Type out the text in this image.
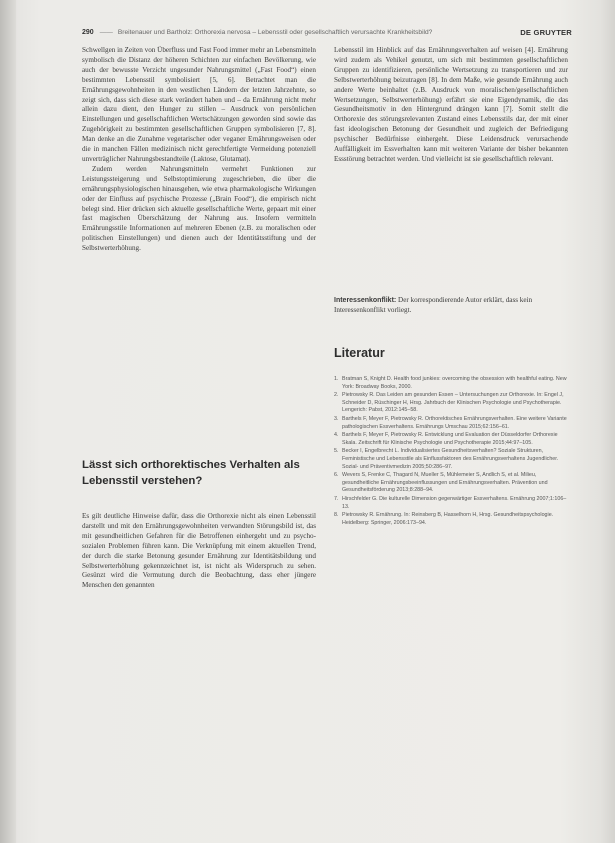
290 —— Breitenauer und Bartholz: Orthorexia nervosa – Lebensstil oder gesellschaftlich verursachte Krankheitsbild?	DE GRUYTER

Schwellgen in Zeiten von Überfluss und Fast Food immer mehr an Lebensmitteln symbolisch die Distanz der höheren Schichten zur einfachen Bevölkerung, wie auch der bewusste Verzicht ungesunder Nahrungsmittel („Fast Food“) einen bestimmten Lebensstil symbolisiert [5, 6]. Betrachtet man die Ernährungsgewohnheiten in den westlichen Ländern der letzten Jahrzehnte, so zeigt sich, dass sich diese stark verändert haben und – da Ernährung nicht mehr allein dazu dient, den Hunger zu stillen – Ausdruck von persönlichen Einstellungen und gesellschaftlichen Wertschätzungen geworden sind sowie das Zugehörigkeit zu bestimmten gesellschaftlichen Gruppen symbolisieren [7, 8]. Man denke an die Zunahme vegetarischer oder veganer Ernährungsweisen oder die in manchen Fällen medizinisch nicht gerechtfertigte Vermeidung potenziell unverträglicher Nahrungsbestandteile (Laktose, Glutamat).

Zudem werden Nahrungsmitteln vermehrt Funktionen zur Leistungssteigerung und Selbstoptimierung zugeschrieben, die über die ernährungsphysiologischen hinausgehen, wie etwa pharmakologische Wirkungen oder der Einfluss auf psychische Prozesse („Brain Food“), die empirisch nicht belegt sind. Hier drücken sich aktuelle gesellschaftliche Werte, gepaart mit einer fast magischen Überschätzung der Nahrung aus. Insofern vermitteln Ernährungsstile Informationen auf mehreren Ebenen (z.B. zu moralischen oder politischen Einstellungen) und dienen auch der Identitätsstiftung und der Selbstwerterhöhung.

Lässt sich orthorektisches Verhalten als Lebensstil verstehen?

Es gilt deutliche Hinweise dafür, dass die Orthorexie nicht als einen Lebensstil darstellt und mit den Ernährungsgewohnheiten verwandten Störungsbild ist, das mit gesundheitlichen Gefahren für die Betroffenen einhergeht und zu psycho-sozialen Problemen führen kann. Die Verknüpfung mit einem aktuellen Trend, der durch die starke Betonung gesunder Ernährung zur Identitätsbildung und Selbstwerterhöhung gekennzeichnet ist, ist nicht als Widerspruch zu sehen. Gesünzt wird die Vermutung durch die Beobachtung, dass eher jüngere Menschen den genannten

Lebensstil im Hinblick auf das Ernährungsverhalten auf weisen [4]. Ernährung wird zudem als Vehikel genutzt, um sich mit bestimmten gesellschaftlichen Gruppen zu identifizieren, persönliche Wertsetzung zu transportieren und zur Selbstwerterhöhung beizutragen [8]. In dem Maße, wie gesunde Ernährung auch andere Werte beinhaltet (z.B. Ausdruck von moralischen/gesellschaftlichen Wertsetzungen, Selbstwerterhöhung) erfährt sie eine Eigendynamik, die das Gesundheitsmotiv in den Hintergrund drängen kann [7]. Somit stellt die Orthorexie des störungsrelevanten Zustand eines Lebensstils dar, der mit einer fast ideologischen Betonung der Gesundheit und zugleich der Befriedigung psychischer Bedürfnisse einhergeht. Diese Leidensdruck verursachende Auffälligkeit im Essverhalten kann mit weiteren Variante der bisher bekannten Essstörung betrachtet werden. Und vielleicht ist sie gesellschaftlich relevant.

Interessenkonflikt: Der korrespondierende Autor erklärt, dass kein Interessenkonflikt vorliegt.
Literatur
1. Bratman S, Knight D. Health food junkies: overcoming the obsession with healthful eating. New York: Broadway Books, 2000.
2. Pietrowsky R. Das Leiden am gesunden Essen – Untersuchungen zur Orthorexie. In: Engel J, Schneider D, Rüschinger H, Hrsg. Jahrbuch der Klinischen Psychologie und Psychotherapie. Lengerich: Pabst, 2012:145–58.
3. Barthels F, Meyer F, Pietrowsky R. Orthorektisches Ernährungsverhalten. Eine weitere Variante pathologischen Essverhaltens. Ernährungs Umschau 2015;62:156–61.
4. Barthels F, Meyer F, Pietrowsky R. Entwicklung und Evaluation der Düsseldorfer Orthorexie Skala. Zeitschrift für Klinische Psychologie und Psychotherapie 2015;44:97–105.
5. Becker I, Engelbrecht L. Individualisiertes Gesundheitsverhalten? Soziale Strukturen, Feministische und Lebensstile als Einflussfaktoren des Ernährungsverhaltens Jugendlicher. Sozial- und Präventivmedizin 2005;50:286–97.
6. Wevers S, Frenke C, Thagard N, Mueller S, Mühlemeier S, Andlich S, et al. Milieu, gesundheitliche Ernährungsbeeinflussungen und Ernährungsverhalten. Prävention und Gesundheitsförderung 2013;8:288–94.
7. Hirschfelder G. Die kulturelle Dimension gegenwärtiger Essverhaltens. Ernährung 2007;1:106–13.
8. Pietrowsky R. Ernährung. In: Reinsberg B, Hasselhorn H, Hrsg. Gesundheitspsychologie. Heidelberg: Springer, 2006:173–94.
